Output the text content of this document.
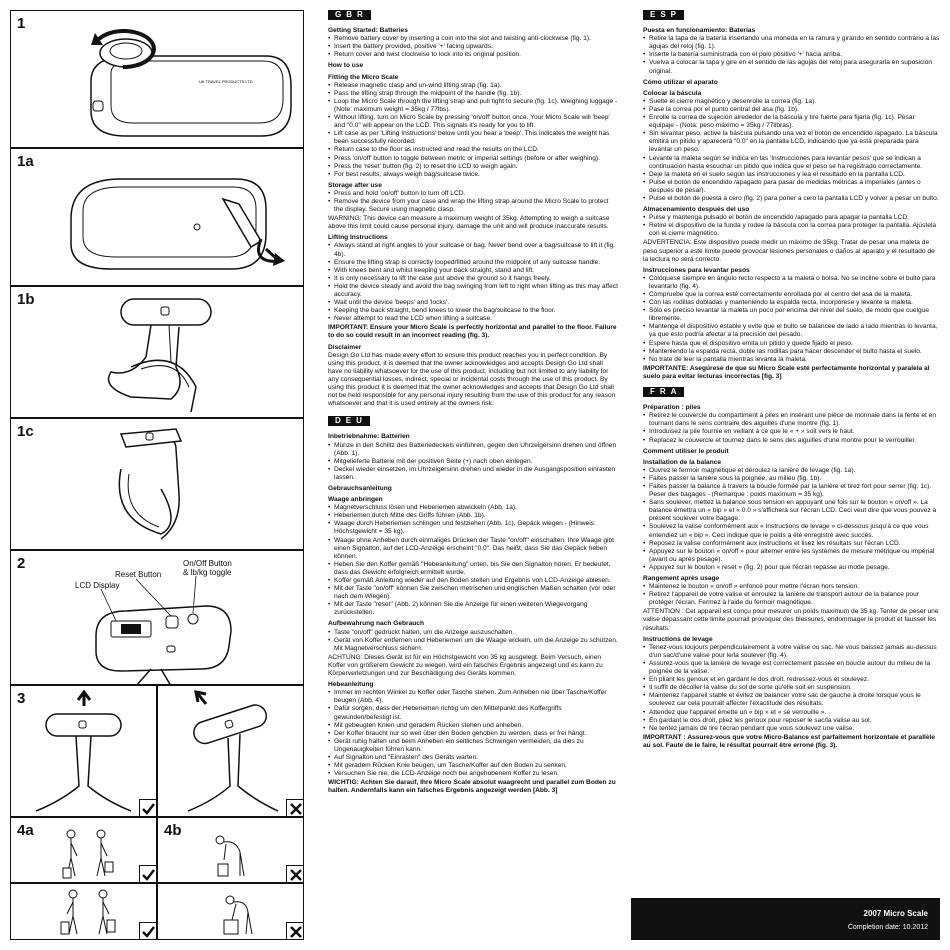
1
UK TRAVEL PRODUCTS LTD
1a
1b
1c
2
LCD Display
Reset Button
On/Off Button
& lb/kg toggle
3
4a	4b
GBR
Getting Started: Batteries
• Remove battery cover by inserting a coin into the slot and twisting anti-clockwise (fig. 1).
• Insert the battery provided, positive '+' facing upwards.
• Return cover and twist clockwise to lock into its original position.
How to use
Fitting the Micro Scale
• Release magnetic clasp and un-wind lifting strap (fig. 1a).
• Pass the lifting strap through the midpoint of the handle (fig. 1b).
• Loop the Micro Scale through the lifting strap and pull tight to secure (fig. 1c). Weighing luggage - (Note: maximum weight = 35kg / 77lbs).
• Without lifting, turn on Micro Scale by pressing 'on/off' button once. Your Micro Scale will 'beep' and "0.0" will appear on the LCD. This signals it's ready for you to lift.
• Lift case as per 'Lifting Instructions' below until you hear a 'beep'. This indicates the weight has been successfully recorded.
• Return case to the floor as instructed and read the results on the LCD.
• Press 'on/off' button to toggle between metric or imperial settings (before or after weighing).
• Press the 'reset' button (fig. 2) to reset the LCD to weigh again.
• For best results, always weigh bag/suitcase twice.
Storage after use
• Press and hold 'on/off' button to turn off LCD.
• Remove the device from your case and wrap the lifting strap around the Micro Scale to protect the display. Secure using magnetic clasp.
WARNING: This device can measure a maximum weight of 35kg. Attempting to weigh a suitcase above this limit could cause personal injury, damage the unit and will produce inaccurate results.
Lifting Instructions
• Always stand at right angles to your suitcase or bag. Never bend over a bag/suitcase to lift it (fig. 4b).
• Ensure the lifting strap is correctly looped/fitted around the midpoint of any suitcase handle.
• With knees bent and whilst keeping your back straight, stand and lift.
• It is only necessary to lift the case just above the ground so it hangs freely.
• Hold the device steady and avoid the bag swinging from left to right when lifting as this may affect accuracy.
• Wait until the device 'beeps' and 'locks'.
• Keeping the back straight, bend knees to lower the bag/suitcase to the floor.
• Never attempt to read the LCD when lifting a suitcase.
IMPORTANT: Ensure your Micro Scale is perfectly horizontal and parallel to the floor. Failure to do so could result in an incorrect reading (fig. 3).
Disclaimer
Design Go Ltd has made every effort to ensure this product reaches you in perfect condition. By using this product, it is deemed that the owner acknowledges and accepts Design Go Ltd shall have no liability whatsoever for the use of this product, including but not limited to any liability for any consequential losses, indirect, special or incidental costs through the use of this product. By using this product it is deemed that the owner acknowledges and accepts that Design Go Ltd shall not be held responsible for any personal injury resulting from the use of this product for any reason whatsoever and that it is used entirely at the owners risk.
DEU
Inbetriebnahme: Batterien
• Münze in den Schlitz des Batteriedeckels einführen, gegen den Uhrzeigersinn drehen und öffnen (Abb. 1).
• Mitgelieferte Batterie mit der positiven Seite (+) nach oben einlegen.
• Deckel wieder einsetzen, im Uhrzeigersinn drehen und wieder in die Ausgangsposition einrasten lassen.
Gebrauchsanleitung
Waage anbringen
• Magnetverschluss lösen und Heberiemen abwickeln (Abb. 1a).
• Heberiemen durch Mitte des Griffs führen (Abb. 1b).
• Waage durch Heberiemen schlingen und festziehen (Abb. 1c). Gepäck wiegen - (Hinweis: Höchstgewicht = 35 kg).
• Waage ohne Anheben durch einmaliges Drücken der Taste "on/off" einschalten. Ihre Waage gibt einen Signalton, auf der LCD-Anzeige erscheint "0.0". Das heißt, dass Sie das Gepäck heben können.
• Heben Sie den Koffer gemäß "Hebeanleitung" unten, bis Sie den Signalton hören. Er bedeutet, dass das Gewicht erfolgreich ermittelt wurde.
• Koffer gemäß Anleitung wieder auf den Boden stellen und Ergebnis von LCD-Anzeige ablesen.
• Mit der Taste "on/off" können Sie zwischen metrischen und englischen Maßen schalten (vor oder nach dem Wiegen).
• Mit der Taste "reset" (Abb. 2) können Sie die Anzeige für einen weiteren Wiegevorgang zurückstellen.
Aufbewahrung nach Gebrauch
• Taste "on/off" gedrückt halten, um die Anzeige auszuschalten.
• Gerät von Koffer entfernen und Heberiemen um die Waage wickeln, um die Anzeige zu schützen. Mit Magnetverschluss sichern.
ACHTUNG: Dieses Gerät ist für ein Höchstgewicht von 35 kg ausgelegt. Beim Versuch, einen Koffer von größerem Gewicht zu wiegen, wird ein falsches Ergebnis angezeigt und es kann zu Körperverletzungen und zur Beschädigung des Geräts kommen.
Hebeanleitung
• Immer im rechten Winkel zu Koffer oder Tasche stehen. Zum Anheben nie über Tasche/Koffer beugen (Abb. 4).
• Dafür sorgen, dass der Heberiemen richtig um den Mittelpunkt des Koffergriffs gewunden/befestigt ist.
• Mit gebeugten Knien und geradem Rücken stehen und anheben.
• Der Koffer braucht nur so weit über den Boden gehoben zu werden, dass er frei hängt.
• Gerät ruhig halten und beim Anheben ein seitliches Schwingen vermeiden, da dies zu Ungenauigkeiten führen kann.
• Auf Signalton und "Einrasten" des Geräts warten.
• Mit geradem Rücken Knie beugen, um Tasche/Koffer auf den Boden zu senken.
• Versuchen Sie nie, die LCD-Anzeige noch bei angehobenem Koffer zu lesen.
WICHTIG: Achten Sie darauf, Ihre Micro Scale absolut waagrecht und parallel zum Boden zu halten. Andernfalls kann ein falsches Ergebnis angezeigt werden [Abb. 3]
ESP
Puesta en funcionamiento: Baterías
• Retire la tapa de la batería insertando una moneda en la ranura y girando en sentido contrario a las agujas del reloj (fig. 1).
• Inserte la batería suministrada con el polo positivo '+' hacia arriba.
• Vuelva a colocar la tapa y gire en el sentido de las agujas del reloj para asegurarla en suposición original.
Cómo utilizar el aparato
Colocar la báscula
• Suelte el cierre magnético y desenrolle la correa (fig. 1a).
• Pase la correa por el punto central del asa (fig. 1b).
• Enrolle la correa de sujeción alrededor de la báscula y tire fuerte para fijarla (fig. 1c). Pesar equipaje - (Nota: peso máximo = 35kg / 77libras).
• Sin levantar peso, active la báscula pulsando una vez el botón de encendido /apagado. La báscula emitirá un pitido y aparecerá "0.0" en la pantalla LCD, indicando que ya está preparada para levantar un peso.
• Levante la maleta según se indica en las 'Instrucciones para levantar pesos' que se indican a continuación hasta escuchar un pitido que indica que el peso se ha registrado correctamente.
• Deje la maleta en el suelo según las instrucciones y lea el resultado en la pantalla LCD.
• Pulse el botón de encendido /apagado para pasar de medidas métricas a imperiales (antes o después de pesar).
• Pulse el botón de puesta a cero (fig. 2) para poner a cero la pantalla LCD y volver a pesar un bulto.
Almacenamiento después del uso
• Pulse y mantenga pulsado el botón de encendido /apagado para apagar la pantalla LCD.
• Retire el dispositivo de la funda y rodee la báscula con la correa para proteger la pantalla. Ajústela con el cierre magnético.
ADVERTENCIA: Este dispositivo puede medir un máximo de 35kg. Tratar de pesar una maleta de peso superior a este límite puede provocar lesiones personales o daños al aparato y el resultado de la lectura no será correcto.
Instrucciones para levantar pesos
• Colóquese siempre en ángulo recto respecto a la maleta o bolsa. No se incline sobre el bulto para levantarlo (fig. 4).
• Compruebe que la correa esté correctamente enrollada por el centro del asa de la maleta.
• Con las rodillas dobladas y manteniendo la espalda recta, incorpórese y levante la maleta.
• Sólo es preciso levantar la maleta un poco por encima del nivel del suelo, de modo que cuelgue libremente.
• Mantenga el dispositivo estable y evite que el bulto se balancee de lado a lado mientras lo levanta, ya que esto podría afectar a la precisión del pesado.
• Espere hasta que el dispositivo emita un pitido y quede fijado el peso.
• Manteniendo la espalda recta, doble las rodillas para hacer descender el bulto hasta el suelo.
• No trate de leer la pantalla mientras levanta la maleta.
IMPORTANTE: Asegúrese de que su Micro Scale esté perfectamente horizontal y paralela al suelo para evitar lecturas incorrectas [fig. 3]
FRA
Préparation : piles
• Retirez le couvercle du compartiment à piles en insérant une pièce de monnaie dans la fente et en tournant dans le sens contraire des aiguilles d'une montre (fig. 1).
• Introduisez la pile fournie en veillant à ce que le « + » soit vers le haut.
• Replacez le couvercle et tournez dans le sens des aiguilles d'une montre pour le verrouiller.
Comment utiliser le produit
Installation de la balance
• Ouvrez le fermoir magnétique et déroulez la lanière de levage (fig. 1a).
• Faites passer la lanière sous la poignée, au milieu (fig. 1b).
• Faites passer la balance à travers la boucle formée par la lanière et tirez fort pour serrer (fig. 1c). Peser des bagages - (Remarque : poids maximum = 35 kg).
• Sans soulever, mettez la balance sous tension en appuyant une fois sur le bouton « on/off ». La balance émettra un « bip » et « 0.0 » s'affichera sur l'écran LCD. Ceci veut dire que vous pouvez à présent soulever votre bagage.
• Soulevez la valise conformément aux « Instructions de levage » ci-dessous jusqu'à ce que vous entendiez un « bip ». Ceci indique que le poids a été enregistré avec succès.
• Reposez la valise conformément aux instructions et lisez les résultats sur l'écran LCD.
• Appuyez sur le bouton « on/off » pour alterner entre les systèmes de mesure métrique ou impérial (avant ou après pesage).
• Appuyez sur le bouton « reset » (fig. 2) pour que l'écran repasse au mode pesage.
Rangement après usage
• Maintenez le bouton « on/off » enfoncé pour mettre l'écran hors tension.
• Retirez l'appareil de votre valise et enroulez la lanière de transport autour de la balance pour protéger l'écran. Fermez à l'aide du fermoir magnétique.
ATTENTION : Cet appareil est conçu pour mesurer un poids maximum de 35 kg. Tenter de peser une valise dépassant cette limite pourrait provoquer des blessures, endommager le produit et fausser les résultats.
Instructions de levage
• Tenez-vous toujours perpendiculairement à votre valise ou sac. Ne vous baissez jamais au-dessus d'un sac/d'une valise pour le/la soulever (fig. 4).
• Assurez-vous que la lanière de levage est correctement passée en boucle autour du milieu de la poignée de la valise.
• En pliant les genoux et en gardant le dos droit, redressez-vous et soulevez.
• Il suffit de décoller la valise du sol de sorte qu'elle soit en suspension.
• Maintenez l'appareil stable et évitez de balancer votre sac de gauche à droite lorsque vous le soulevez car cela pourrait affecter l'exactitude des résultats.
• Attendez que l'appareil émette un « bip » et « se verrouille ».
• En gardant le dos droit, pliez les genoux pour reposer le sac/la valise au sol.
• Ne tentez jamais de lire l'écran pendant que vous soulevez une valise.
IMPORTANT : Assurez-vous que votre Micro-Balance est parfaitement horizontale et parallèle au sol. Faute de le faire, le résultat pourrait être erroné (fig. 3).
2007 Micro Scale
Completion date: 10.2012
